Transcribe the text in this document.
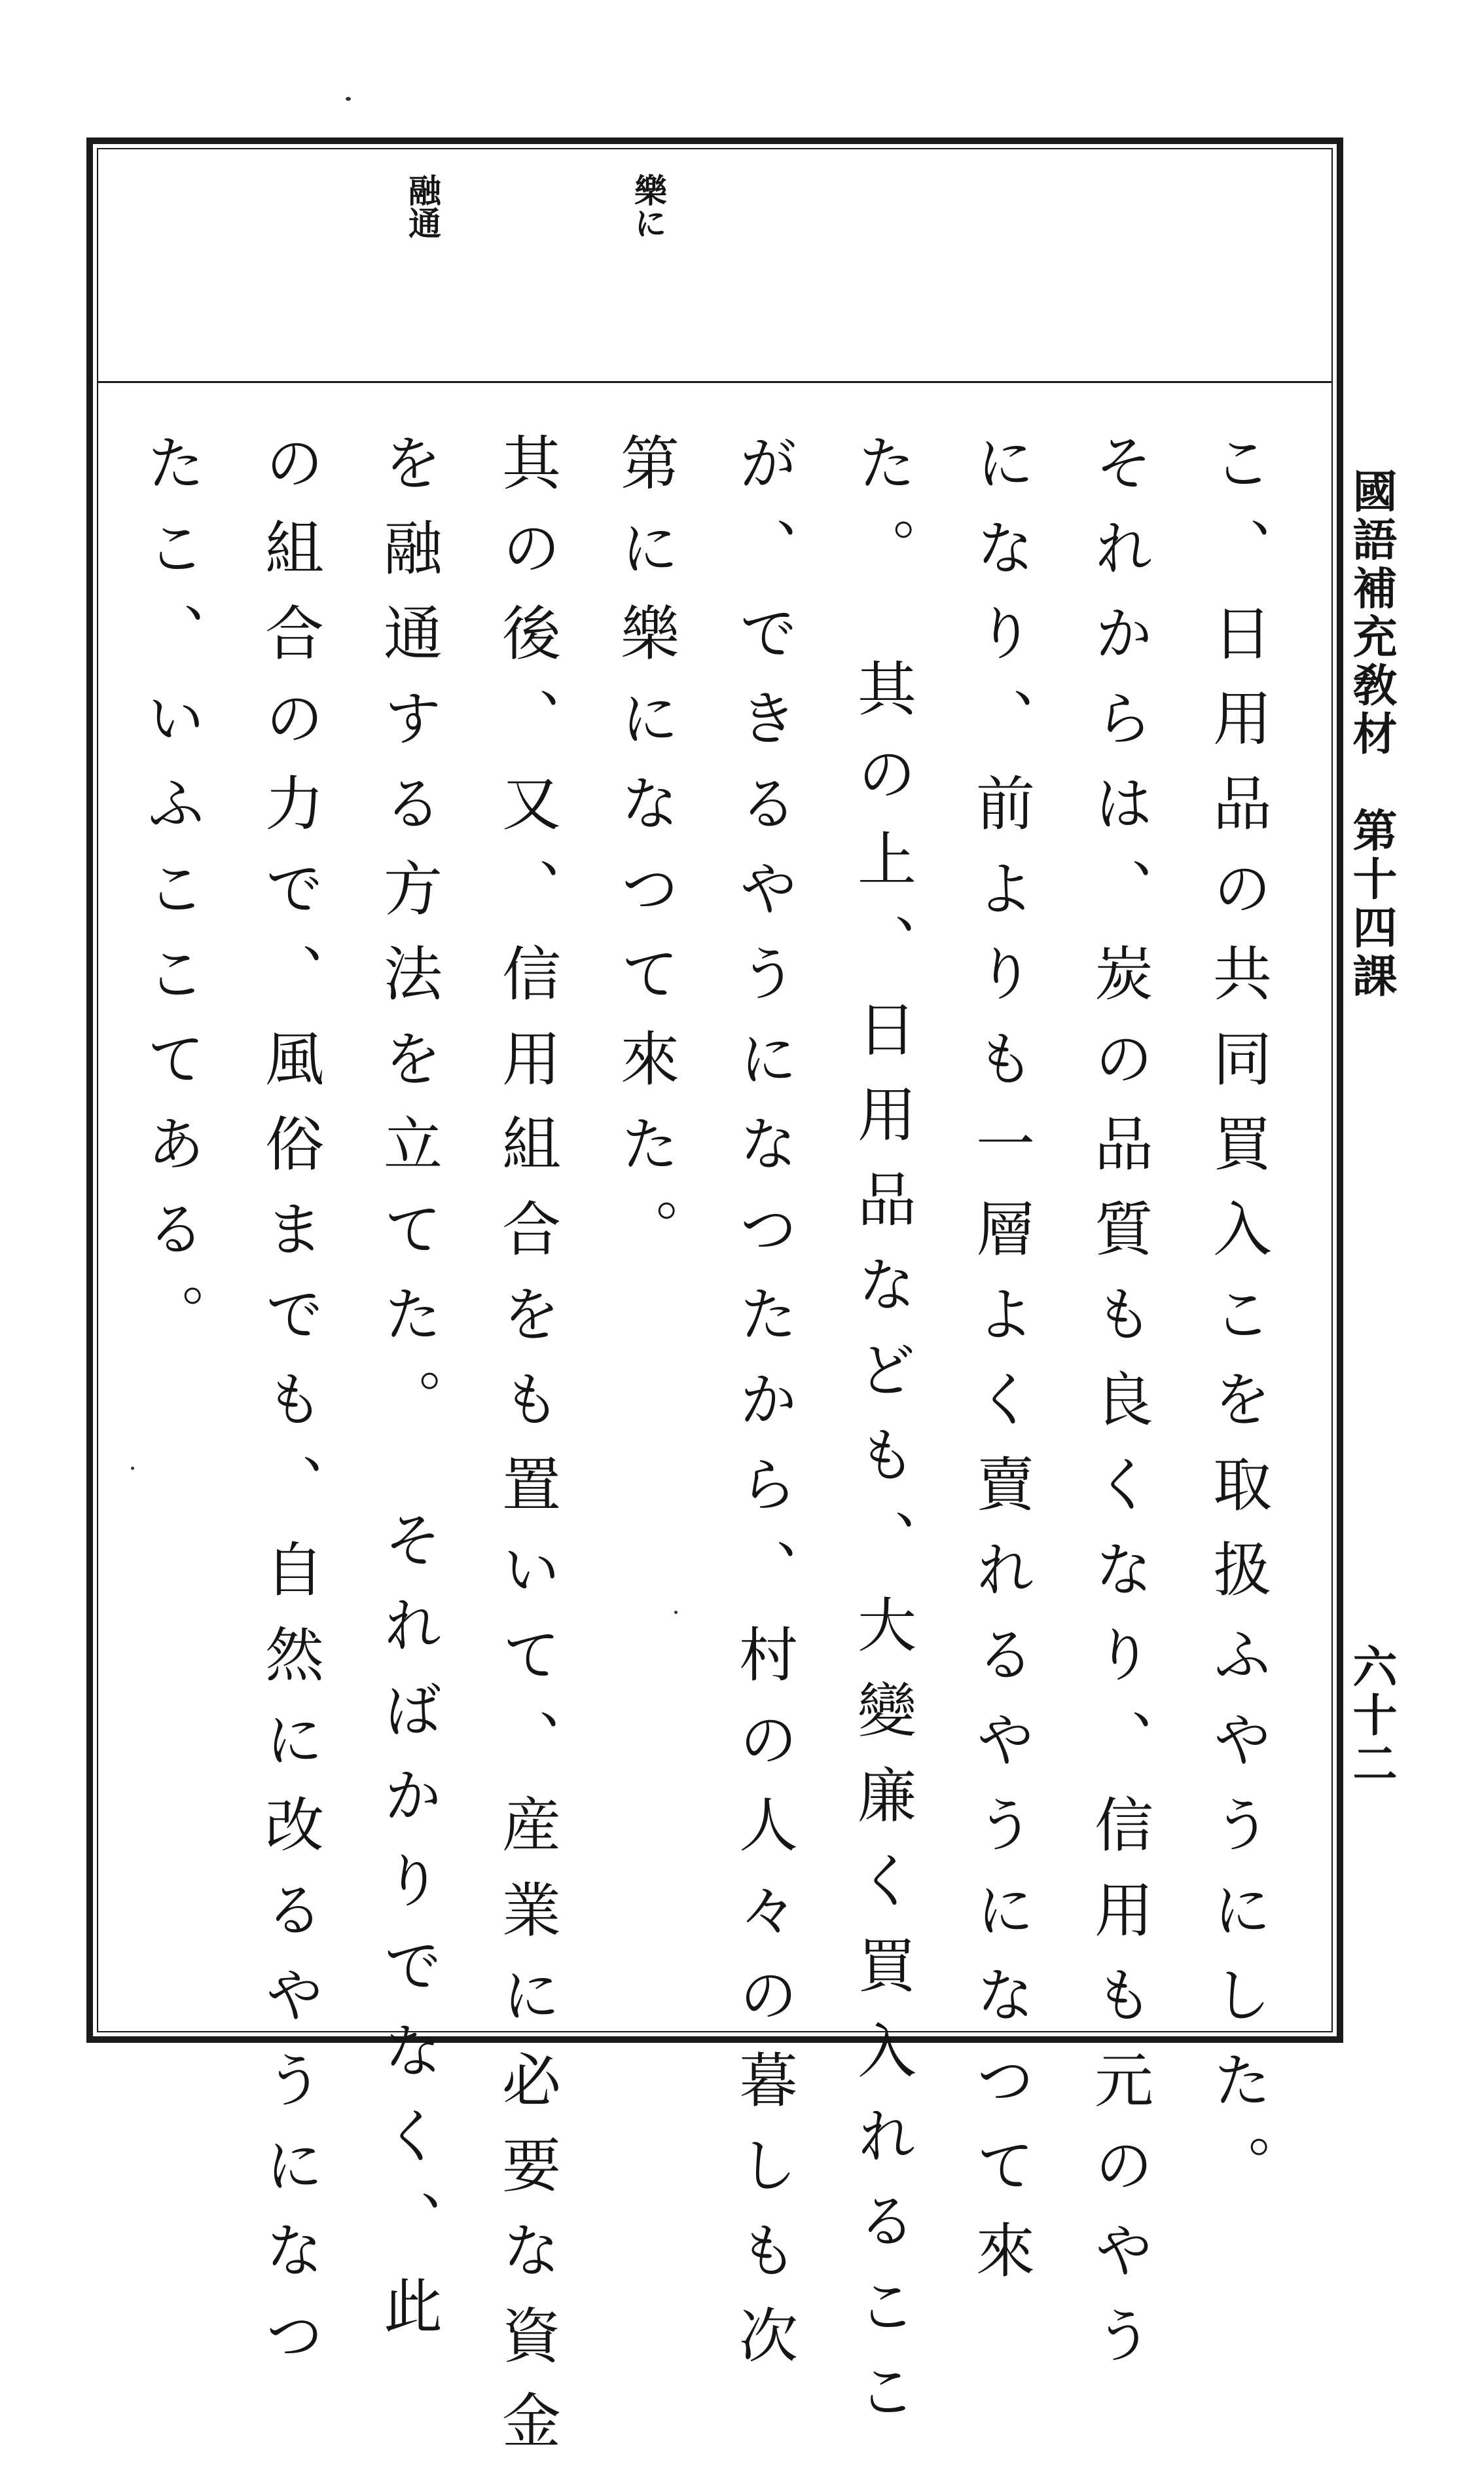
樂に
融通
こ、日用品の共同買入こを取扱ふやうにした。
それからは、炭の品質も良くなり、信用も元のやう
になり、前よりも一層よく賣れるやうになつて來
た。　其の上、日用品なども、大變廉く買入れるここ
が、できるやうになつたから、村の人々の暮しも次
第に樂になつて來た。
其の後、又、信用組合をも置いて、産業に必要な資金
を融通する方法を立てた。　そればかりでなく、此
の組合の力で、風俗までも、自然に改るやうになつ
たこ、いふここてある。	國語補充敎材　第十四課
六十二
